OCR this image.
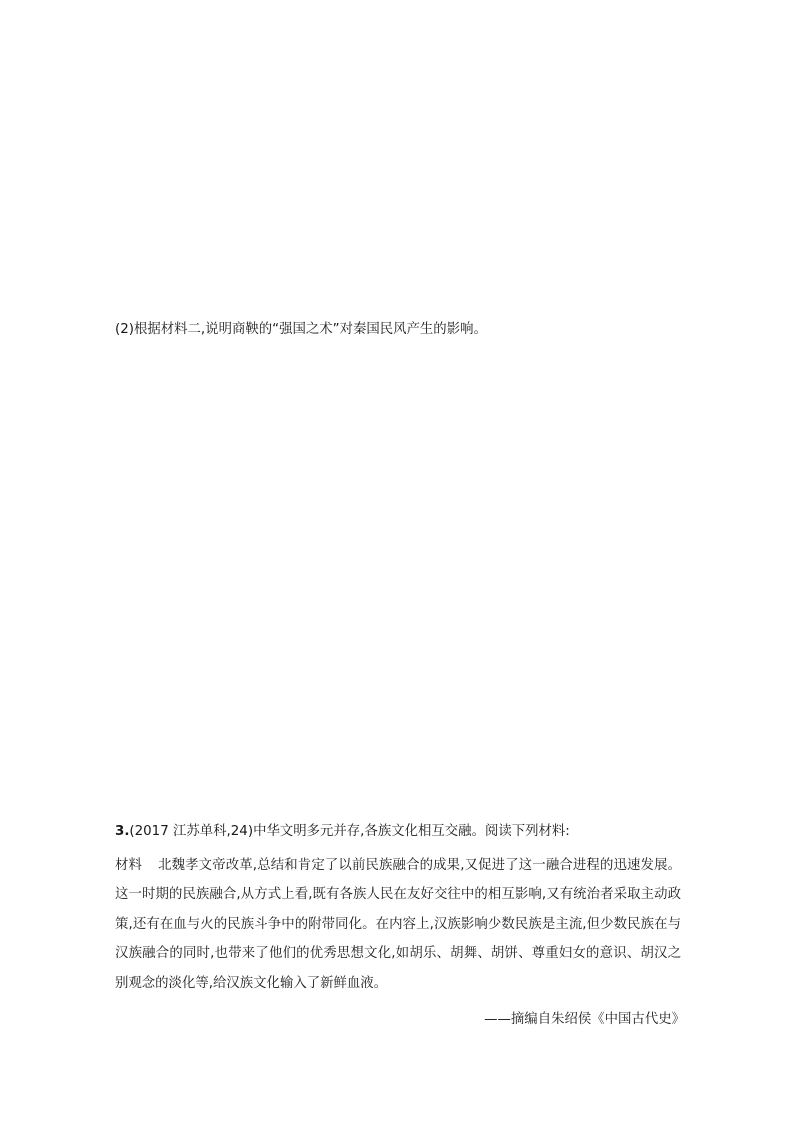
(2)根据材料二,说明商鞅的“强国之术”对秦国民风产生的影响。
3.(2017 江苏单科,24)中华文明多元并存,各族文化相互交融。阅读下列材料:
材料 北魏孝文帝改革,总结和肯定了以前民族融合的成果,又促进了这一融合进程的迅速发展。这一时期的民族融合,从方式上看,既有各族人民在友好交往中的相互影响,又有统治者采取主动政策,还有在血与火的民族斗争中的附带同化。在内容上,汉族影响少数民族是主流,但少数民族在与汉族融合的同时,也带来了他们的优秀思想文化,如胡乐、胡舞、胡饼、尊重妇女的意识、胡汉之别观念的淡化等,给汉族文化输入了新鲜血液。
——摘编自朱绍侯《中国古代史》
